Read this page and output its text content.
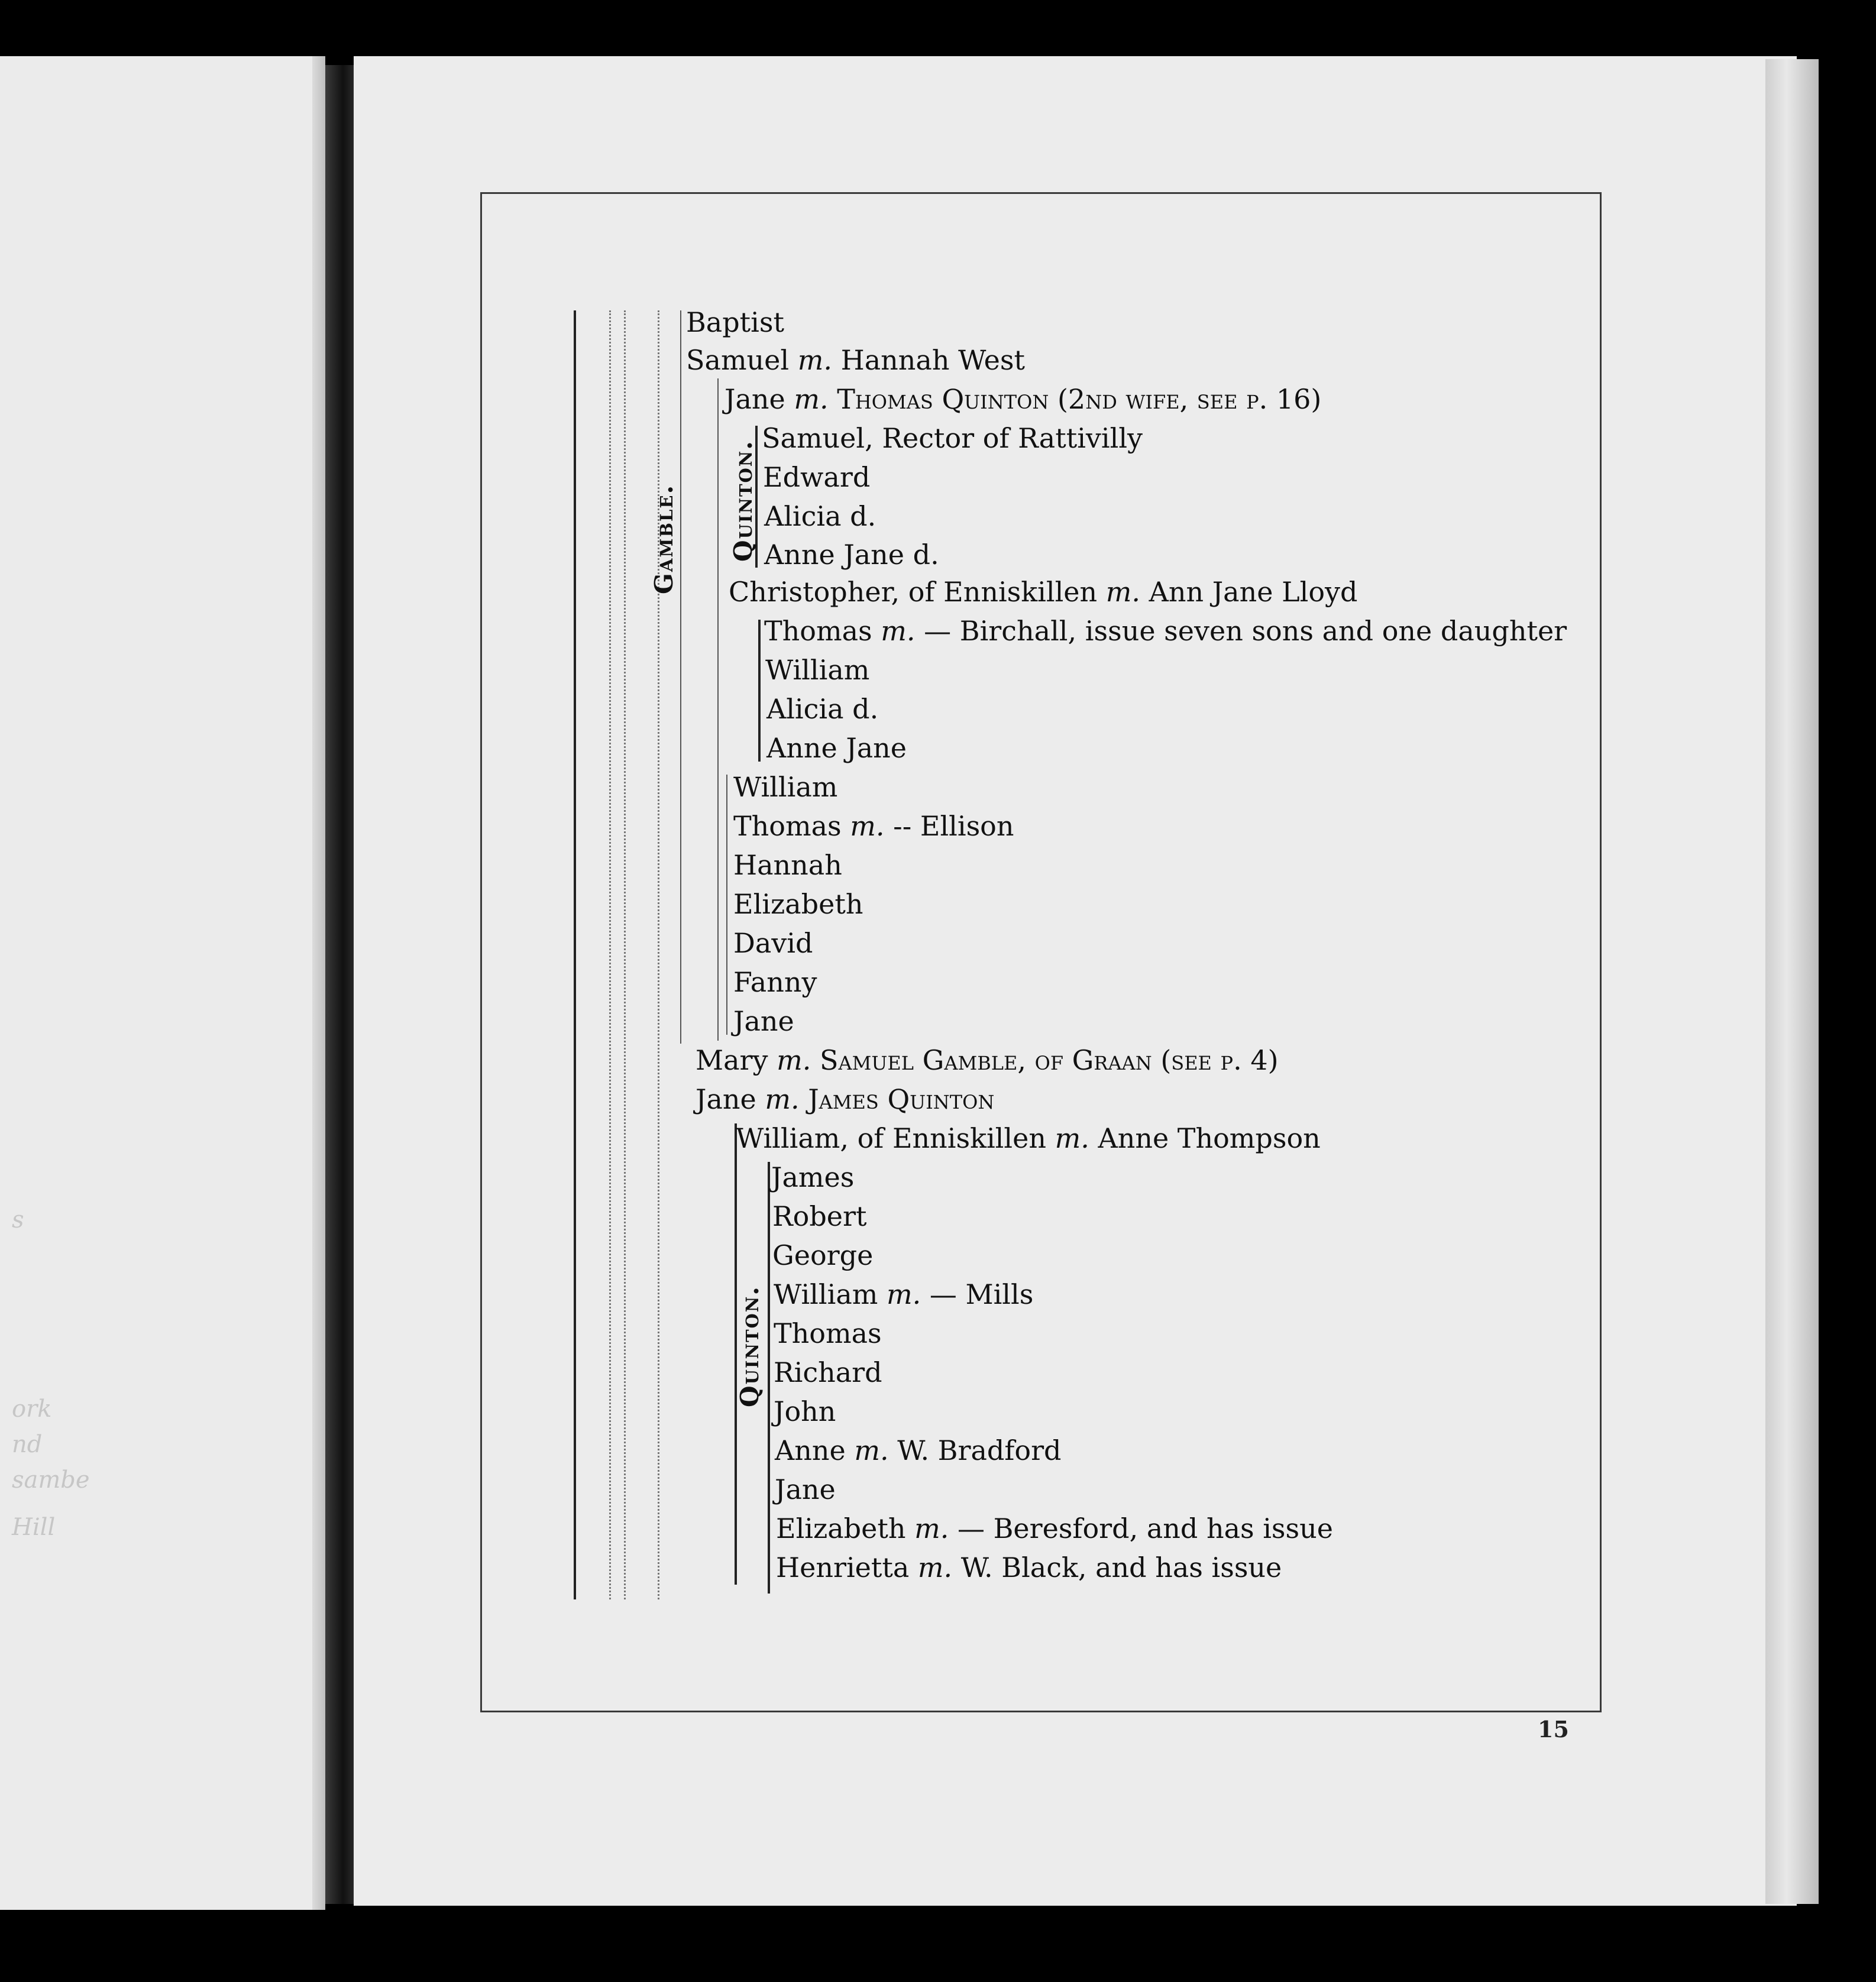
s
ork
nd
sambe
Hill
Gamble. Quinton.
Quinton.
Baptist
Samuel m. Hannah West
Jane m. Thomas Quinton (2nd wife, see p. 16)
Samuel, Rector of Rattivilly
Edward
Alicia d.
Anne Jane d.
Christopher, of Enniskillen m. Ann Jane Lloyd
Thomas m. — Birchall, issue seven sons and one daughter
William
Alicia d.
Anne Jane
William
Thomas m. -- Ellison
Hannah
Elizabeth
David
Fanny
Jane
Mary m. Samuel Gamble, of Graan (see p. 4)
Jane m. James Quinton
William, of Enniskillen m. Anne Thompson
James
Robert
George
William m. — Mills
Thomas
Richard
John
Anne m. W. Bradford
Jane
Elizabeth m. — Beresford, and has issue
Henrietta m. W. Black, and has issue
15
